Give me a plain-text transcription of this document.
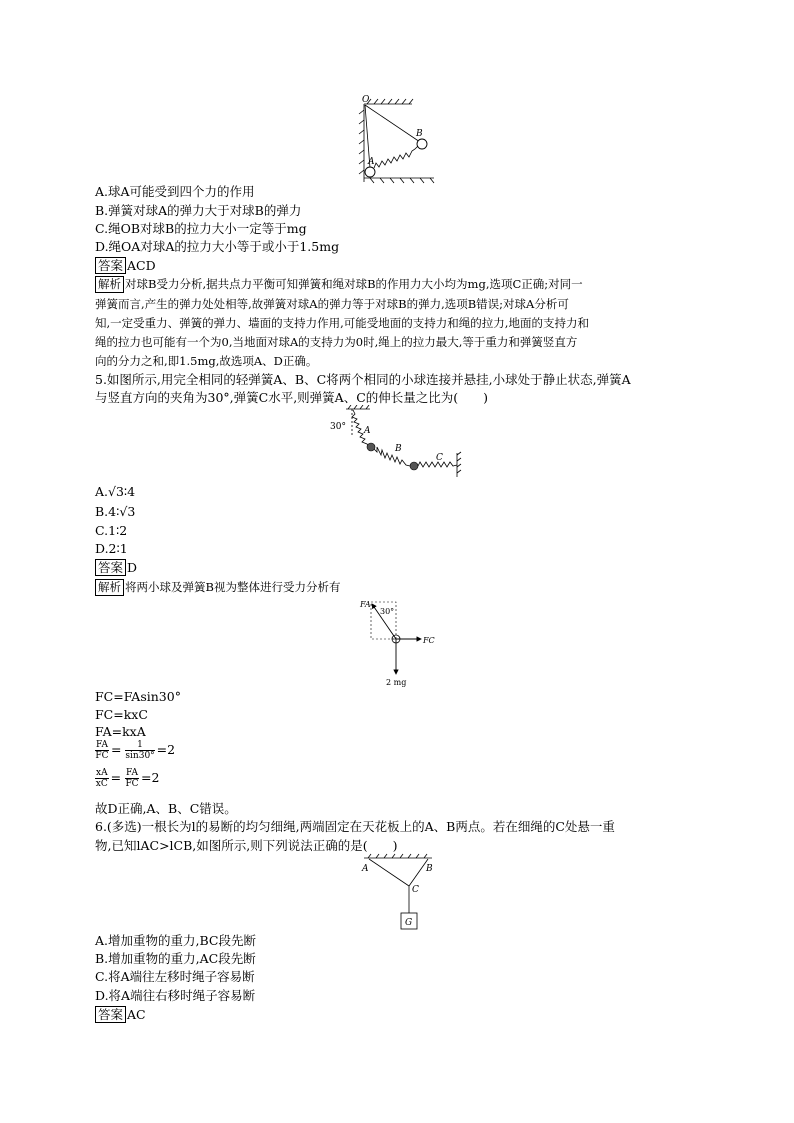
O
B
A
A.球A可能受到四个力的作用
B.弹簧对球A的弹力大于对球B的弹力
C.绳OB对球B的拉力大小一定等于mg
D.绳OA对球A的拉力大小等于或小于1.5mg
答案 ACD
解析 对球B受力分析,据共点力平衡可知弹簧和绳对球B的作用力大小均为mg,选项C正确;对同一
弹簧而言,产生的弹力处处相等,故弹簧对球A的弹力等于对球B的弹力,选项B错误;对球A分析可
知,一定受重力、弹簧的弹力、墙面的支持力作用,可能受地面的支持力和绳的拉力,地面的支持力和
绳的拉力也可能有一个为0,当地面对球A的支持力为0时,绳上的拉力最大,等于重力和弹簧竖直方
向的分力之和,即1.5mg,故选项A、D正确。
5.如图所示,用完全相同的轻弹簧A、B、C将两个相同的小球连接并悬挂,小球处于静止状态,弹簧A
与竖直方向的夹角为30°,弹簧C水平,则弹簧A、C的伸长量之比为(　　)
30° A
B
C
A.√3∶4
B.4∶√3
C.1∶2
D.2∶1
答案 D
解析 将两小球及弹簧B视为整体进行受力分析有
FA
30°
FC
2 mg
FC=FAsin30°
FC=kxC
FA=kxA
$\frac{FA}{FC} = \frac{1}{\sin 30^\circ} =2$
$\frac{xA}{xC} = \frac{FA}{FC} =2$
故D正确,A、B、C错误。
6.(多选)一根长为l的易断的均匀细绳,两端固定在天花板上的A、B两点。若在细绳的C处悬一重
物,已知lAC>lCB,如图所示,则下列说法正确的是(　　)
A	B
C
G
A.增加重物的重力,BC段先断
B.增加重物的重力,AC段先断
C.将A端往左移时绳子容易断
D.将A端往右移时绳子容易断
答案 AC
